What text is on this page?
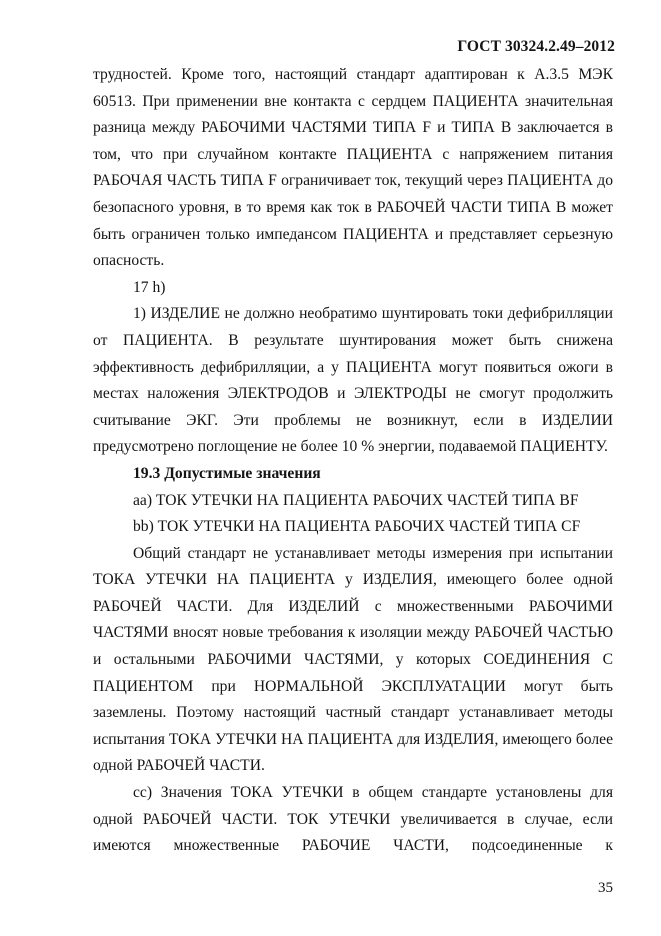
ГОСТ 30324.2.49–2012

трудностей. Кроме того, настоящий стандарт адаптирован к А.3.5 МЭК 60513. При применении вне контакта с сердцем ПАЦИЕНТА значительная разница между РАБОЧИМИ ЧАСТЯМИ ТИПА F и ТИПА В заключается в том, что при случайном контакте ПАЦИЕНТА с напряжением питания РАБОЧАЯ ЧАСТЬ ТИПА F ограничивает ток, текущий через ПАЦИЕНТА до безопасного уровня, в то время как ток в РАБОЧЕЙ ЧАСТИ ТИПА В может быть ограничен только импедансом ПАЦИЕНТА и представляет серьезную опасность.

17 h)

1) ИЗДЕЛИЕ не должно необратимо шунтировать токи дефибрилляции от ПАЦИЕНТА. В результате шунтирования может быть снижена эффективность дефибрилляции, а у ПАЦИЕНТА могут появиться ожоги в местах наложения ЭЛЕКТРОДОВ и ЭЛЕКТРОДЫ не смогут продолжить считывание ЭКГ. Эти проблемы не возникнут, если в ИЗДЕЛИИ предусмотрено поглощение не более 10 % энергии, подаваемой ПАЦИЕНТУ.

19.3 Допустимые значения

аа) ТОК УТЕЧКИ НА ПАЦИЕНТА РАБОЧИХ ЧАСТЕЙ ТИПА BF

bb) ТОК УТЕЧКИ НА ПАЦИЕНТА РАБОЧИХ ЧАСТЕЙ ТИПА CF

Общий стандарт не устанавливает методы измерения при испытании ТОКА УТЕЧКИ НА ПАЦИЕНТА у ИЗДЕЛИЯ, имеющего более одной РАБОЧЕЙ ЧАСТИ. Для ИЗДЕЛИЙ с множественными РАБОЧИМИ ЧАСТЯМИ вносят новые требования к изоляции между РАБОЧЕЙ ЧАСТЬЮ и остальными РАБОЧИМИ ЧАСТЯМИ, у которых СОЕДИНЕНИЯ С ПАЦИЕНТОМ при НОРМАЛЬНОЙ ЭКСПЛУАТАЦИИ могут быть заземлены. Поэтому настоящий частный стандарт устанавливает методы испытания ТОКА УТЕЧКИ НА ПАЦИЕНТА для ИЗДЕЛИЯ, имеющего более одной РАБОЧЕЙ ЧАСТИ.

cc) Значения ТОКА УТЕЧКИ в общем стандарте установлены для одной РАБОЧЕЙ ЧАСТИ. ТОК УТЕЧКИ увеличивается в случае, если имеются множественные РАБОЧИЕ ЧАСТИ, подсоединенные к

35
